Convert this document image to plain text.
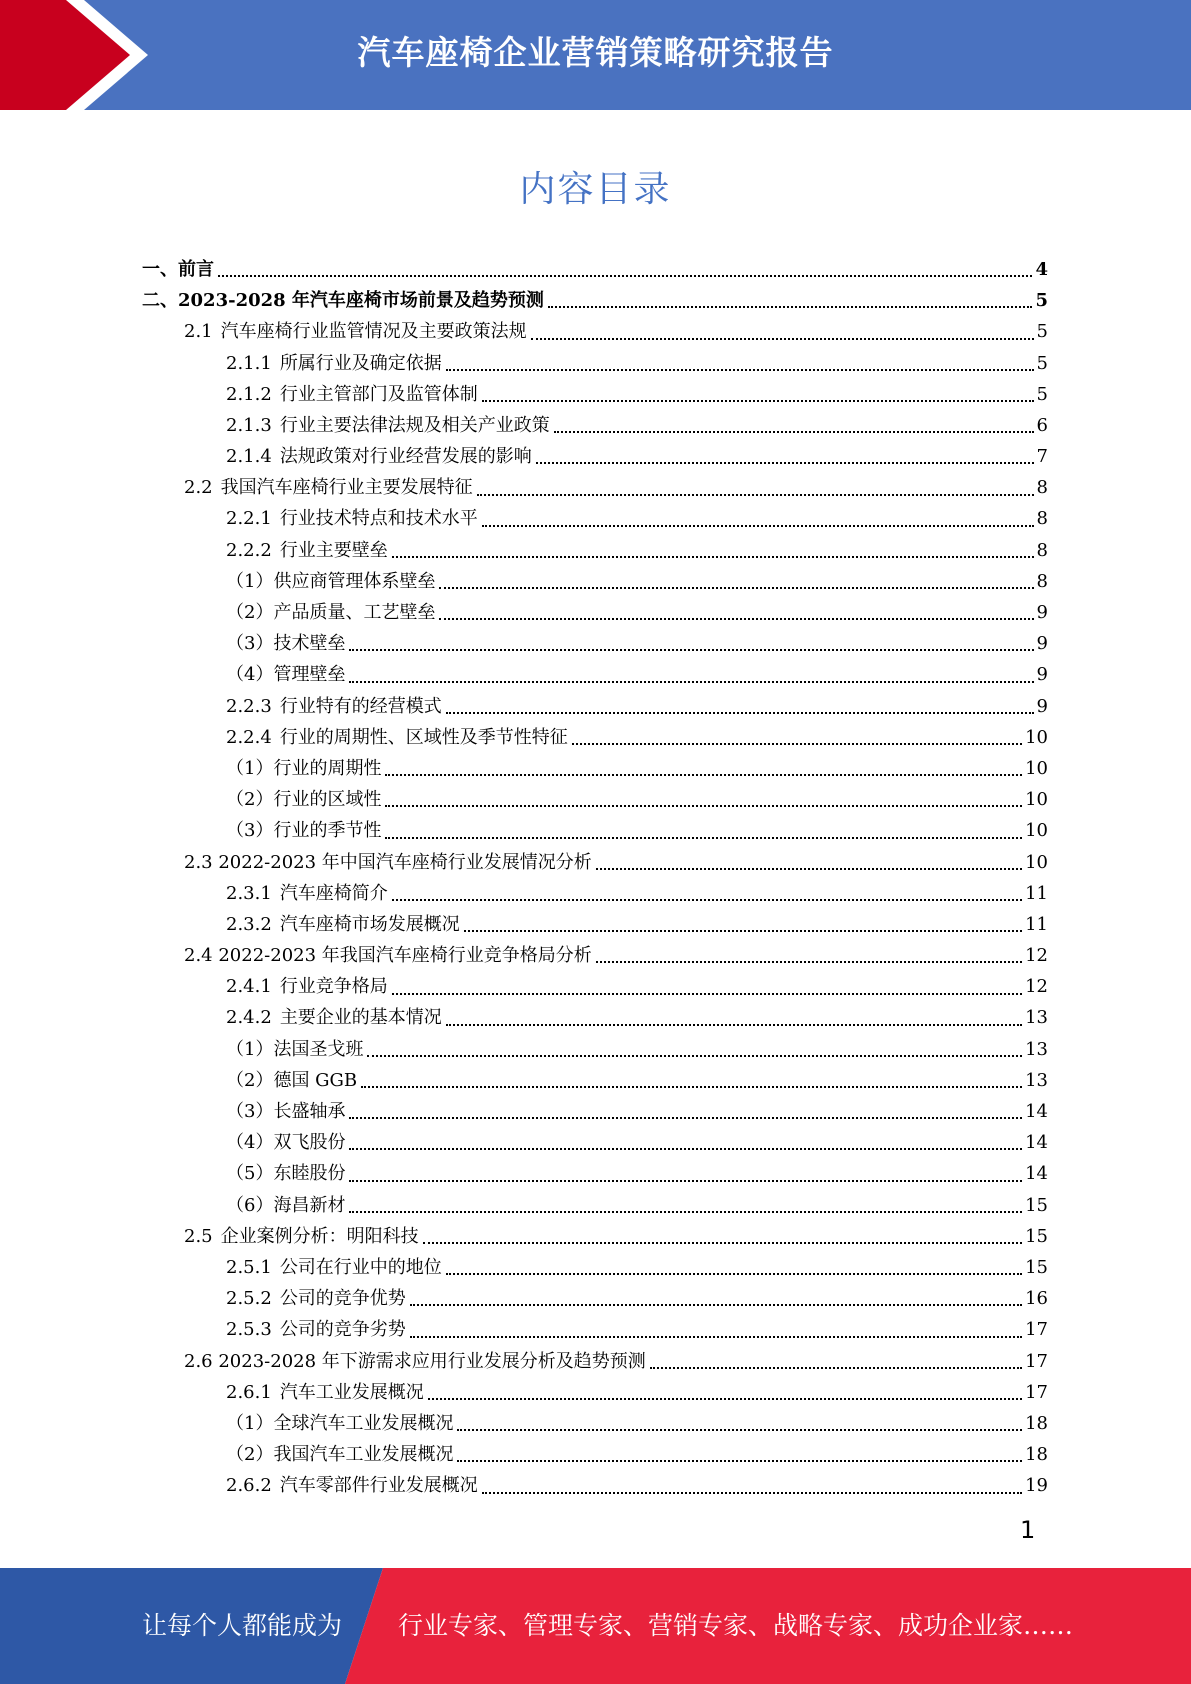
汽车座椅企业营销策略研究报告
内容目录
一、前言	4
二、2023-2028 年汽车座椅市场前景及趋势预测	5
2.1 汽车座椅行业监管情况及主要政策法规	5
2.1.1 所属行业及确定依据	5
2.1.2 行业主管部门及监管体制	5
2.1.3 行业主要法律法规及相关产业政策	6
2.1.4 法规政策对行业经营发展的影响	7
2.2 我国汽车座椅行业主要发展特征	8
2.2.1 行业技术特点和技术水平	8
2.2.2 行业主要壁垒	8
（1）供应商管理体系壁垒	8
（2）产品质量、工艺壁垒	9
（3）技术壁垒	9
（4）管理壁垒	9
2.2.3 行业特有的经营模式	9
2.2.4 行业的周期性、区域性及季节性特征	10
（1）行业的周期性	10
（2）行业的区域性	10
（3）行业的季节性	10
2.3 2022-2023 年中国汽车座椅行业发展情况分析	10
2.3.1 汽车座椅简介	11
2.3.2 汽车座椅市场发展概况	11
2.4 2022-2023 年我国汽车座椅行业竞争格局分析	12
2.4.1 行业竞争格局	12
2.4.2 主要企业的基本情况	13
（1）法国圣戈班	13
（2）德国 GGB	13
（3）长盛轴承	14
（4）双飞股份	14
（5）东睦股份	14
（6）海昌新材	15
2.5 企业案例分析：明阳科技	15
2.5.1 公司在行业中的地位	15
2.5.2 公司的竞争优势	16
2.5.3 公司的竞争劣势	17
2.6 2023-2028 年下游需求应用行业发展分析及趋势预测	17
2.6.1 汽车工业发展概况	17
（1）全球汽车工业发展概况	18
（2）我国汽车工业发展概况	18
2.6.2 汽车零部件行业发展概况	19
1
让每个人都能成为 行业专家、管理专家、营销专家、战略专家、成功企业家……
